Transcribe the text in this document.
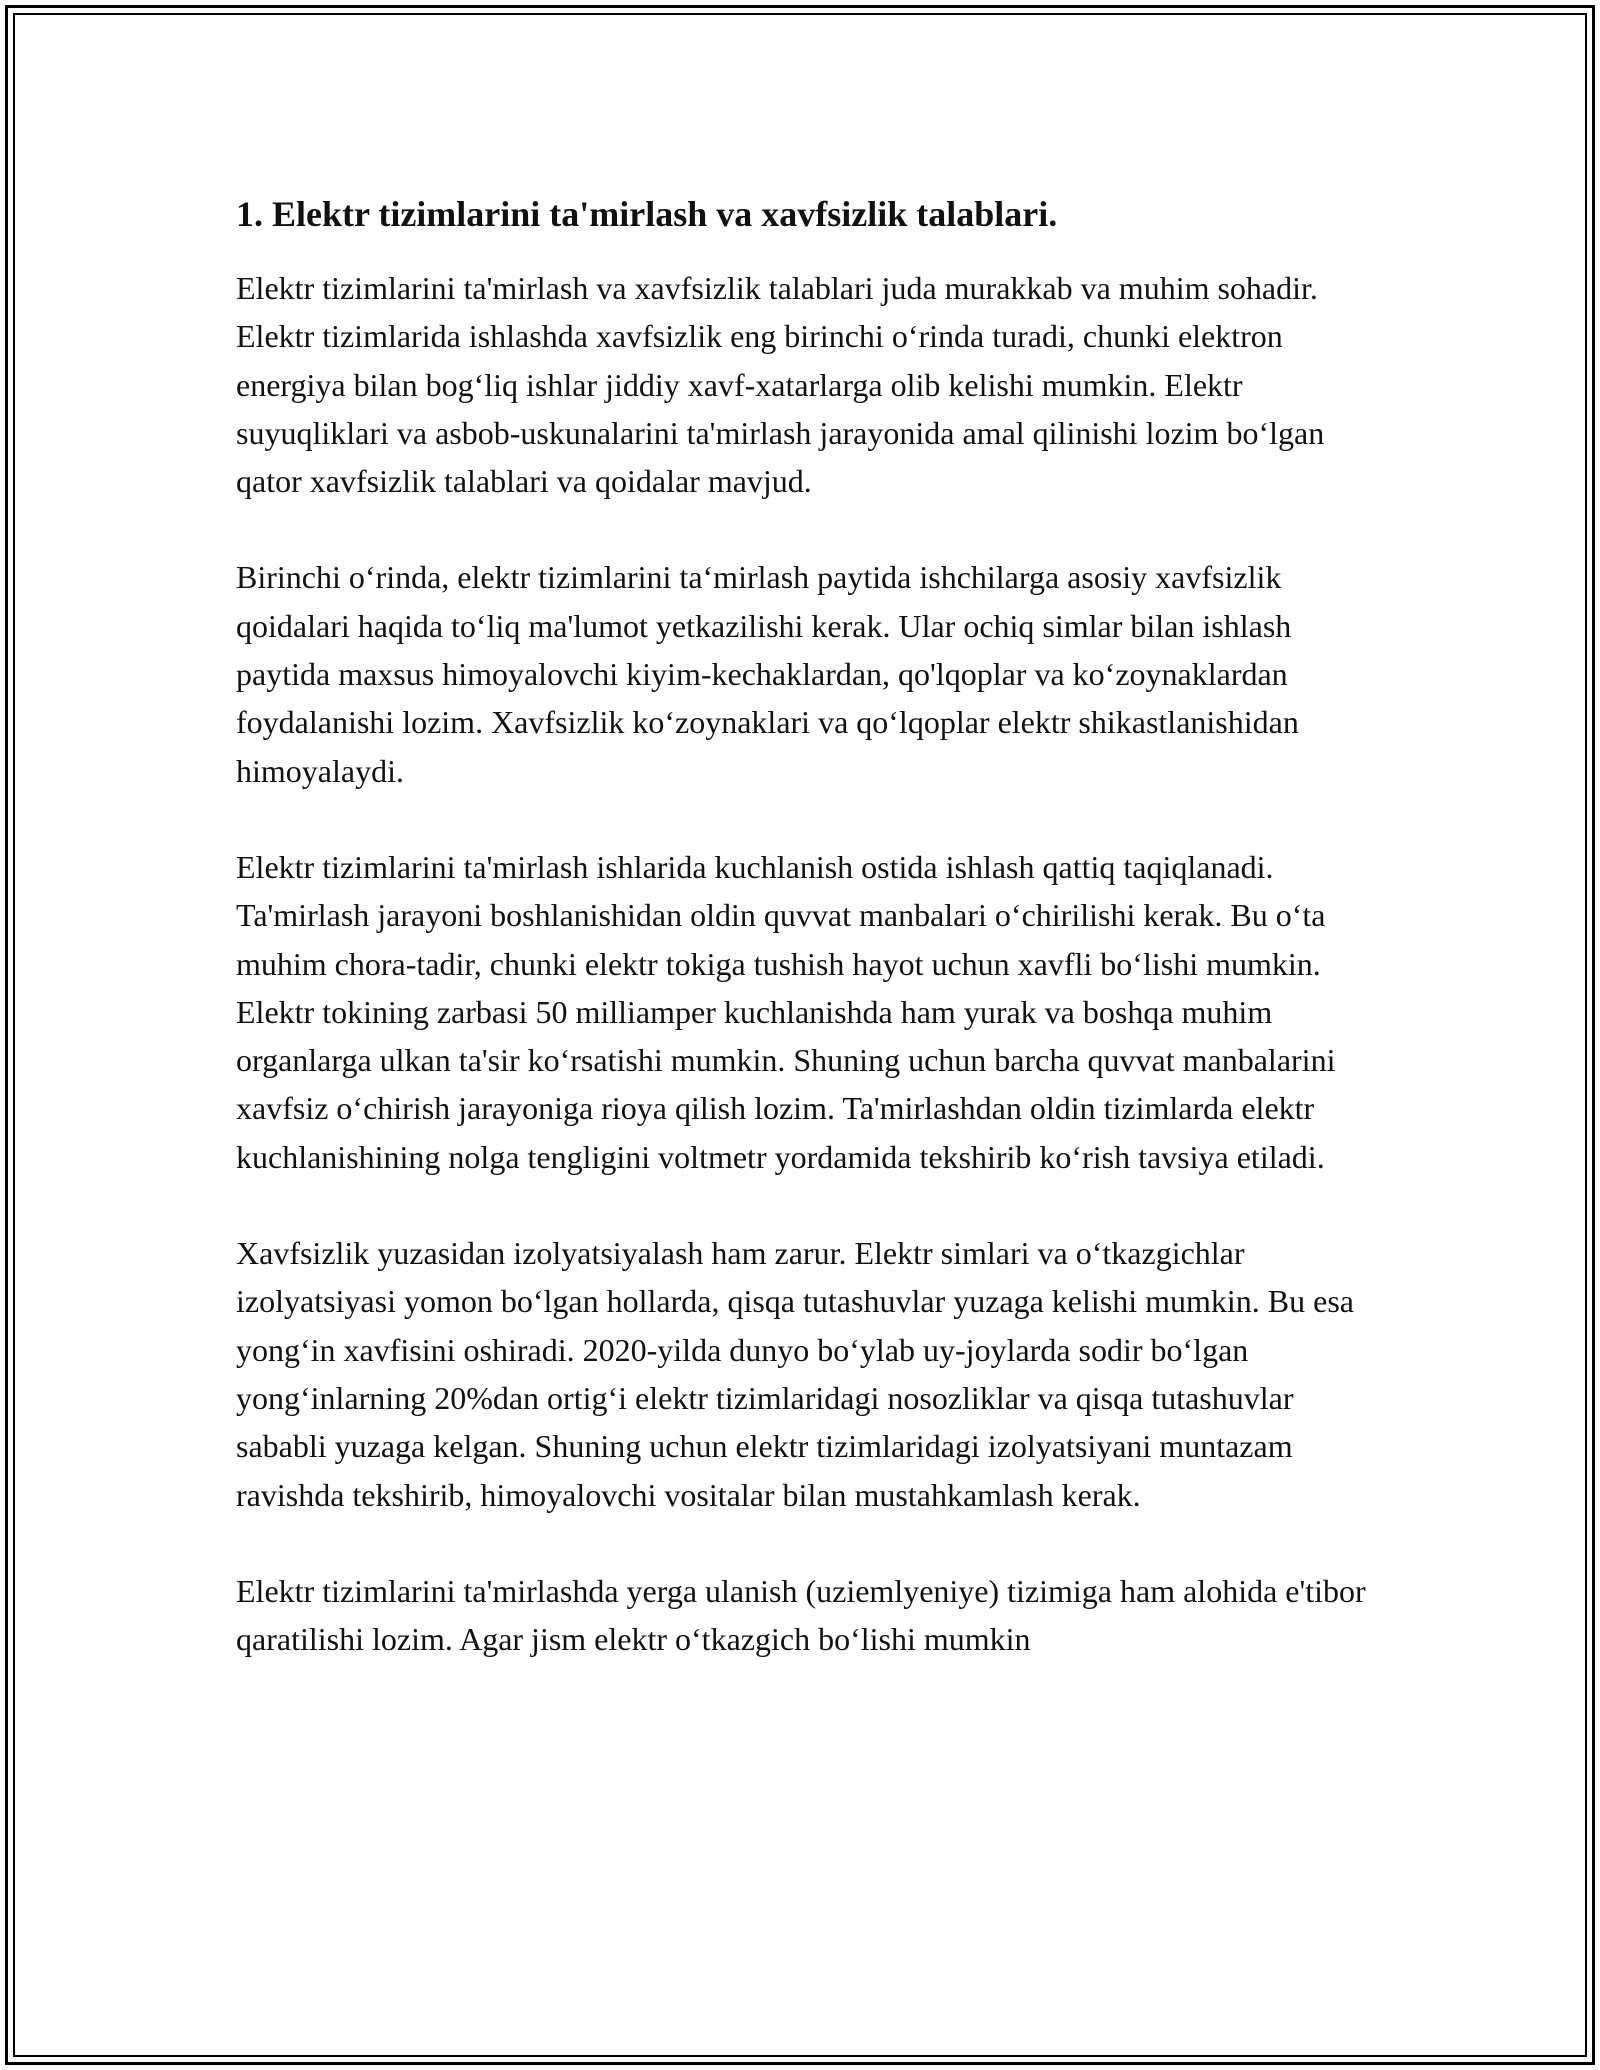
1. Elektr tizimlarini ta'mirlash va xavfsizlik talablari.

Elektr tizimlarini ta'mirlash va xavfsizlik talablari juda murakkab va muhim sohadir. Elektr tizimlarida ishlashda xavfsizlik eng birinchi o‘rinda turadi, chunki elektron energiya bilan bog‘liq ishlar jiddiy xavf-xatarlarga olib kelishi mumkin. Elektr suyuqliklari va asbob-uskunalarini ta'mirlash jarayonida amal qilinishi lozim bo‘lgan qator xavfsizlik talablari va qoidalar mavjud.

Birinchi o‘rinda, elektr tizimlarini ta‘mirlash paytida ishchilarga asosiy xavfsizlik qoidalari haqida to‘liq ma'lumot yetkazilishi kerak. Ular ochiq simlar bilan ishlash paytida maxsus himoyalovchi kiyim-kechaklardan, qo'lqoplar va ko‘zoynaklardan foydalanishi lozim. Xavfsizlik ko‘zoynaklari va qo‘lqoplar elektr shikastlanishidan himoyalaydi.

Elektr tizimlarini ta'mirlash ishlarida kuchlanish ostida ishlash qattiq taqiqlanadi. Ta'mirlash jarayoni boshlanishidan oldin quvvat manbalari o‘chirilishi kerak. Bu o‘ta muhim chora-tadir, chunki elektr tokiga tushish hayot uchun xavfli bo‘lishi mumkin. Elektr tokining zarbasi 50 milliamper kuchlanishda ham yurak va boshqa muhim organlarga ulkan ta'sir ko‘rsatishi mumkin. Shuning uchun barcha quvvat manbalarini xavfsiz o‘chirish jarayoniga rioya qilish lozim. Ta'mirlashdan oldin tizimlarda elektr kuchlanishining nolga tengligini voltmetr yordamida tekshirib ko‘rish tavsiya etiladi.

Xavfsizlik yuzasidan izolyatsiyalash ham zarur. Elektr simlari va o‘tkazgichlar izolyatsiyasi yomon bo‘lgan hollarda, qisqa tutashuvlar yuzaga kelishi mumkin. Bu esa yong‘in xavfisini oshiradi. 2020-yilda dunyo bo‘ylab uy-joylarda sodir bo‘lgan yong‘inlarning 20%dan ortig‘i elektr tizimlaridagi nosozliklar va qisqa tutashuvlar sababli yuzaga kelgan. Shuning uchun elektr tizimlaridagi izolyatsiyani muntazam ravishda tekshirib, himoyalovchi vositalar bilan mustahkamlash kerak.

Elektr tizimlarini ta'mirlashda yerga ulanish (uziemlyeniye) tizimiga ham alohida e'tibor qaratilishi lozim. Agar jism elektr o‘tkazgich bo‘lishi mumkin
